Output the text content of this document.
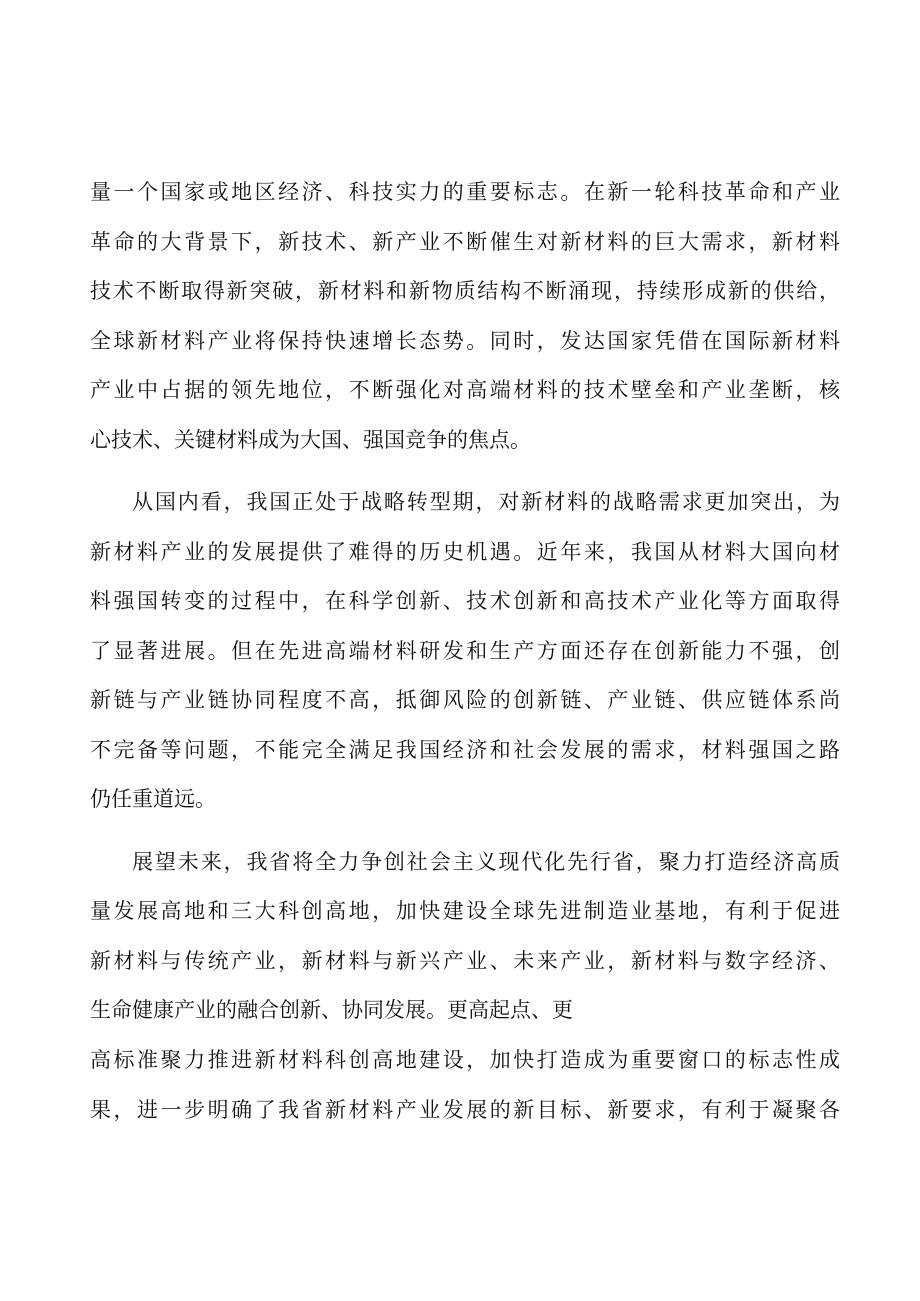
量一个国家或地区经济、科技实力的重要标志。在新一轮科技革命和产业
革命的大背景下，新技术、新产业不断催生对新材料的巨大需求，新材料
技术不断取得新突破，新材料和新物质结构不断涌现，持续形成新的供给，
全球新材料产业将保持快速增长态势。同时，发达国家凭借在国际新材料
产业中占据的领先地位，不断强化对高端材料的技术壁垒和产业垄断，核
心技术、关键材料成为大国、强国竞争的焦点。
从国内看，我国正处于战略转型期，对新材料的战略需求更加突出，为
新材料产业的发展提供了难得的历史机遇。近年来，我国从材料大国向材
料强国转变的过程中，在科学创新、技术创新和高技术产业化等方面取得
了显著进展。但在先进高端材料研发和生产方面还存在创新能力不强，创
新链与产业链协同程度不高，抵御风险的创新链、产业链、供应链体系尚
不完备等问题，不能完全满足我国经济和社会发展的需求，材料强国之路
仍任重道远。
展望未来，我省将全力争创社会主义现代化先行省，聚力打造经济高质
量发展高地和三大科创高地，加快建设全球先进制造业基地，有利于促进
新材料与传统产业，新材料与新兴产业、未来产业，新材料与数字经济、
生命健康产业的融合创新、协同发展。更高起点、更
高标准聚力推进新材料科创高地建设，加快打造成为重要窗口的标志性成
果，进一步明确了我省新材料产业发展的新目标、新要求，有利于凝聚各
